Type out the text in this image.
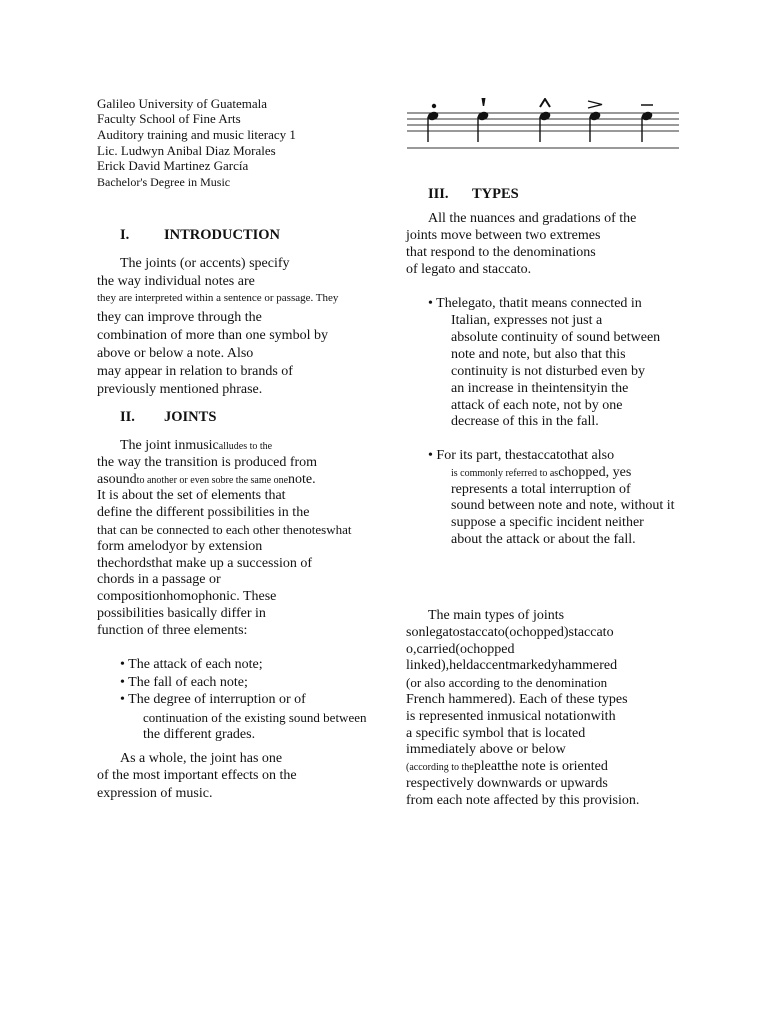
Galileo University of Guatemala
Faculty School of Fine Arts
Auditory training and music literacy 1
Lic. Ludwyn Anibal Diaz Morales
Erick David Martinez García
Bachelor's Degree in Music
I. INTRODUCTION
The joints (or accents) specify
the way individual notes are
they are interpreted within a sentence or passage. They
they can improve through the
combination of more than one symbol by
above or below a note. Also
may appear in relation to brands of
previously mentioned phrase.
II. JOINTS
The joint inmusicalludes to the
the way the transition is produced from
asoundto another or even sobre the same onenote.
It is about the set of elements that
define the different possibilities in the
that can be connected to each other thenoteswhat
form amelodyor by extension
thechordsthat make up a succession of
chords in a passage or
compositionhomophonic. These
possibilities basically differ in
function of three elements:
• The attack of each note;
• The fall of each note;
• The degree of interruption or of
continuation of the existing sound between
the different grades.
As a whole, the joint has one
of the most important effects on the
expression of music.
III. TYPES
All the nuances and gradations of the
joints move between two extremes
that respond to the denominations
of legato and staccato.
• Thelegato, thatit means connected in
Italian, expresses not just a
absolute continuity of sound between
note and note, but also that this
continuity is not disturbed even by
an increase in theintensityin the
attack of each note, not by one
decrease of this in the fall.
• For its part, thestaccatothat also
is commonly referred to aschopped, yes
represents a total interruption of
sound between note and note, without it
suppose a specific incident neither
about the attack or about the fall.
The main types of joints
sonlegatostaccato(ochopped)staccato
o,carried(ochopped
linked),heldaccentmarkedyhammered
(or also according to the denomination
French hammered). Each of these types
is represented inmusical notationwith
a specific symbol that is located
immediately above or below
(according to thepleatthe note is oriented
respectively downwards or upwards
from each note affected by this provision.
